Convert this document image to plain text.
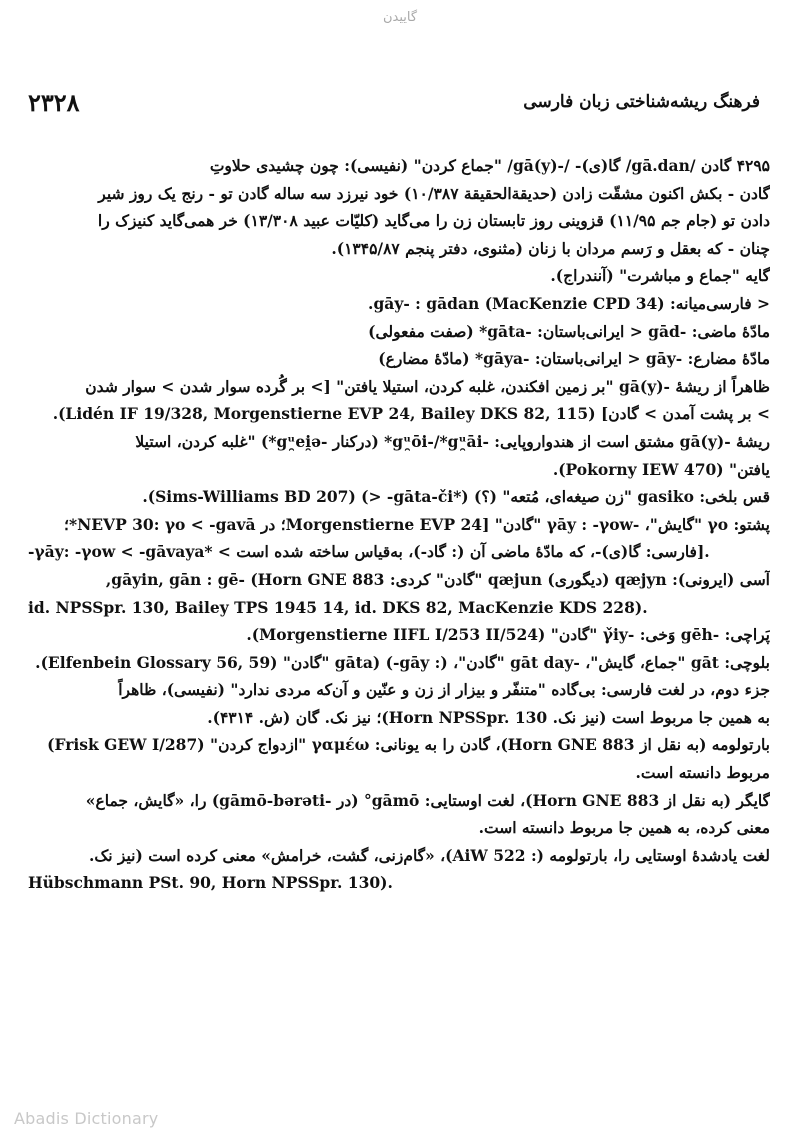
گاییدن
۲۳۲۸	فرهنگ ریشه‌شناختی زبان فارسی
۴۲۹۵ گادن /gā.dan/ گا(ی)- /-(gā(y/ "جماع کردن" (نفیسی): چون چشیدی حلاوتِ
گادن - بکش اکنون مشقّت زادن (حدیقة‌الحقیقة ۱۰/۳۸۷) خود نیرزد سه ساله گادن تو - رنج یک روز شیر
دادن تو (جام جم ۱۱/۹۵) قزوینی روز تابستان زن را می‌گاید (کلیّات عبید ۱۳/۳۰۸) خر همی‌گاید کنیزک را
چنان - که بعقل و رَسم مردان با زنان (مثنوی، دفتر پنجم ۱۳۴۵/۸۷).
گایه "جماع و مباشرت" (آنندراج).
< فارسی‌میانه: gāy- : gādan (MacKenzie CPD 34).
مادّهٔ ماضی: -gād < ایرانی‌باستان: -gāta* (صفت مفعولی)
مادّهٔ مضارع: -gāy < ایرانی‌باستان: -gāya* (مادّهٔ مضارع)
ظاهراً از ریشهٔ -(gā(y "بر زمین افکندن، غلبه کردن، استیلا یافتن" [> بر گُرده سوار شدن > سوار شدن
> بر پشت آمدن > گادن] (Lidén IF 19/328, Morgenstierne EVP 24, Bailey DKS 82, 115).
ریشهٔ -(gā(y مشتق است از هندواروپایی: -gᵘ̯ōi-/*gᵘ̯āi* (درکنار -gᵘ̯ei̯ə*) "غلبه کردن، استیلا
یافتن" (Pokorny IEW 470).
قس بلخی: gasiko "زن صیغه‌ای، مُتعه" (؟) (*gāta-či- <) (Sims-Williams BD 207).
پشتو: γo "گایش"، -γāy : -γow "گادن" [Morgenstierne EVP 24؛ در NEVP 30: γo < -gavā*؛
-γāy: -γow < -gāvaya* < فارسی: گا(ی)-، که مادّهٔ ماضی آن (: گاد-)، به‌قیاس ساخته شده است].
آسی (ایرونی): qæjyn (دیگوری) qæjun "گادن" کردی: gāyin, gān : gē- (Horn GNE 883,
id. NPSSpr. 130, Bailey TPS 1945 14, id. DKS 82, MacKenzie KDS 228).
پَراچی: -gēh وَخی: -γ̌iy "گادن" (Morgenstierne IIFL I/253 II/524).
بلوچی: gāt "جماع، گایش"، -gāt day "گادن"، (: gāy-) (gāta "گادن" (Elfenbein Glossary 56, 59).
جزء دوم، در لغت فارسی: بی‌گاده "متنفّر و بیزار از زن و عنّین و آن‌که مردی ندارد" (نفیسی)، ظاهراً
به همین جا مربوط است (نیز نک. Horn NPSSpr. 130)؛ نیز نک. گان (ش. ۴۳۱۴).
بارتولومه (به نقل از Horn GNE 883)، گادن را به یونانی: γαμέω "ازدواج کردن" (Frisk GEW I/287)
مربوط دانسته است.
گایگر (به نقل از Horn GNE 883)، لغت اوستایی: gāmō° (در -gāmō-bərəti) را، «گایش، جماع»
معنی کرده، به همین جا مربوط دانسته است.
لغت یادشدهٔ اوستایی را، بارتولومه (: AiW 522)، «گام‌زنی، گشت، خرامش» معنی کرده است (نیز نک.
Hübschmann PSt. 90, Horn NPSSpr. 130).
Abadis Dictionary
